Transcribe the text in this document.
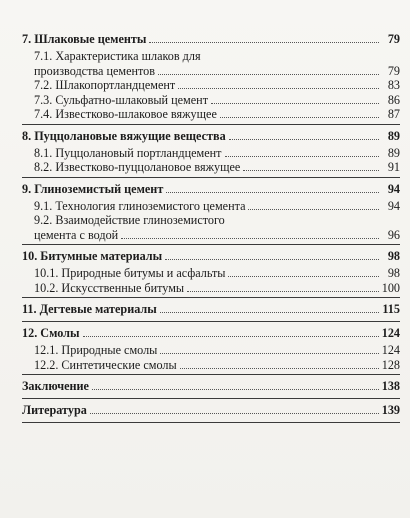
7. Шлаковые цементы	79
7.1. Характеристика шлаков для
производства цементов	79
7.2. Шлакопортландцемент	83
7.3. Сульфатно-шлаковый цемент	86
7.4. Известково-шлаковое вяжущее	87
8. Пуццолановые вяжущие вещества	89
8.1. Пуццолановый портландцемент	89
8.2. Известково-пуццолановое вяжущее	91
9. Глиноземистый цемент	94
9.1. Технология глиноземистого цемента	94
9.2. Взаимодействие глиноземистого
цемента с водой	96
10. Битумные материалы	98
10.1. Природные битумы и асфальты	98
10.2. Искусственные битумы	100
11. Дегтевые материалы	115
12. Смолы	124
12.1. Природные смолы	124
12.2. Синтетические смолы	128
Заключение	138
Литература	139
